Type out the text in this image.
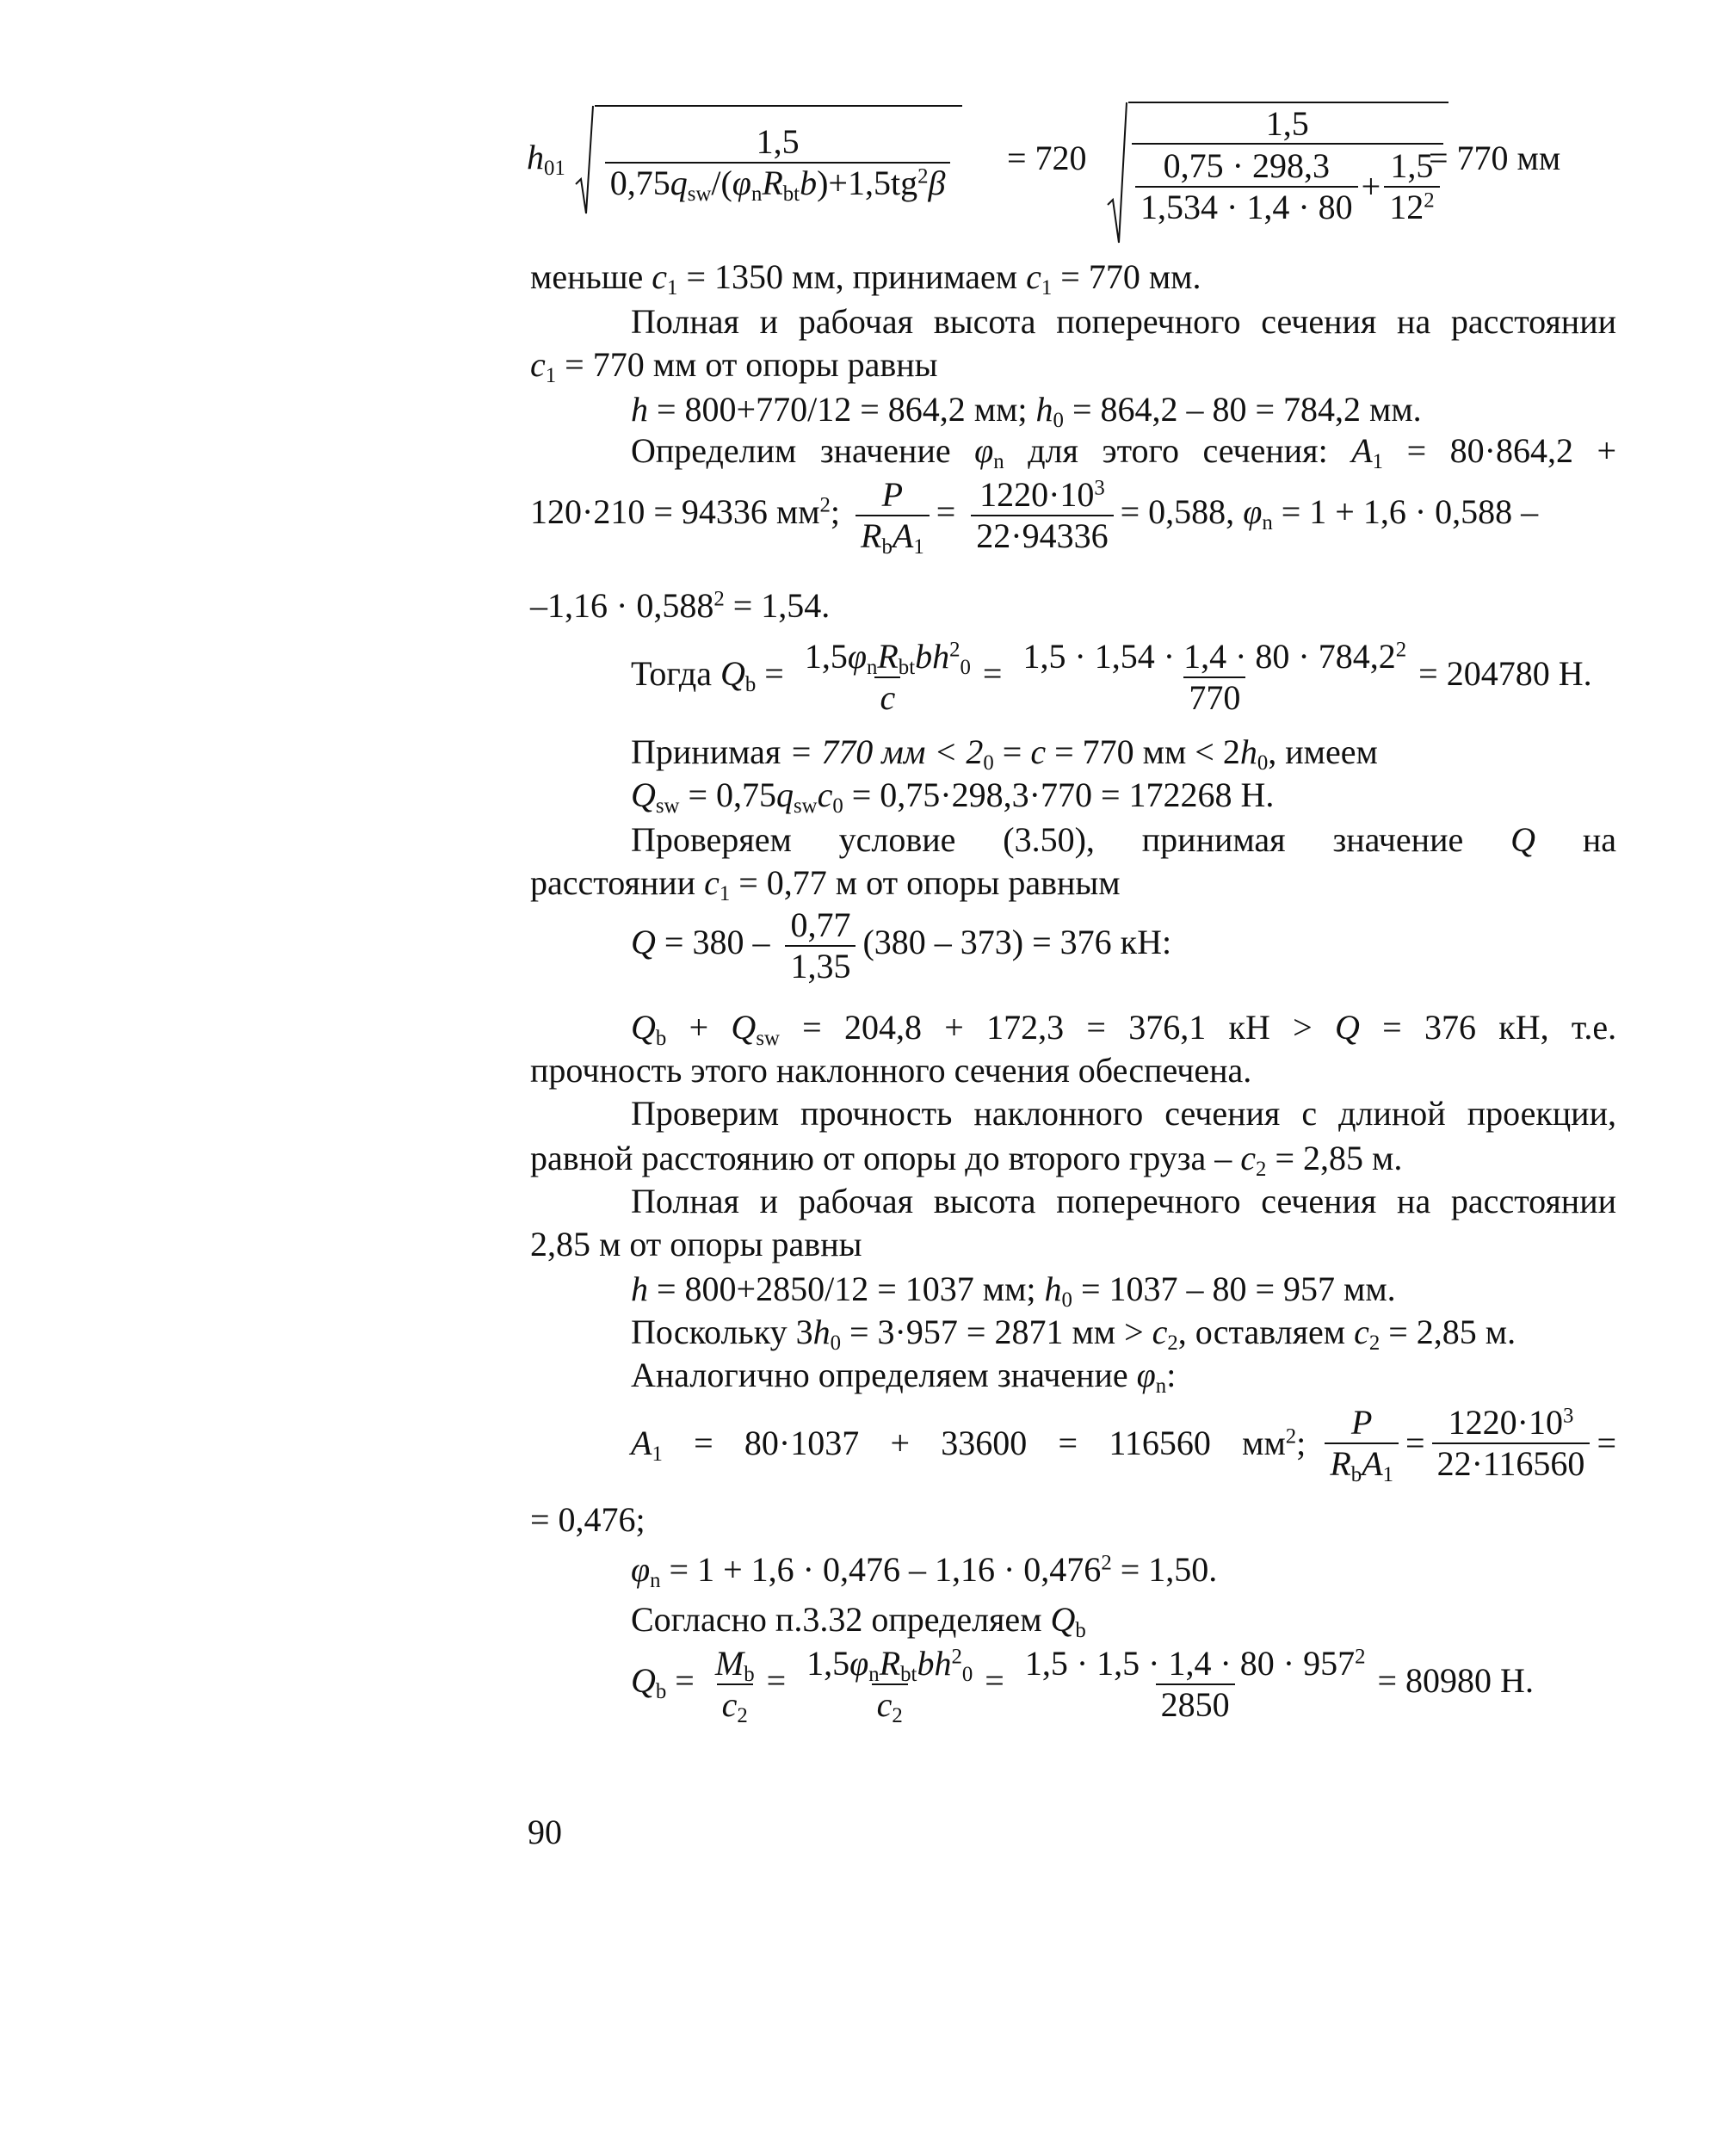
$h_{01} \frac{1,5}{0,75q_{sw}/(\varphi_nR_{bt}b)+1,5tg^2\beta} = 720$
1,5
$\frac{0,75 \cdot 298,3}{1,534 \cdot 1,4 \cdot 80} + \frac{1,5}{12^2}$
= 770 мм
меньше $c_1 = 1350$ мм, принимаем $c_1 = 770$ мм.
Полная и рабочая высота поперечного сечения на расстоянии
$c_1 = 770$ мм от опоры равны
h = 800+770/12 = 864,2 мм; $h_0 = 864,2 - 80 = 784,2$ мм.
Определим значение $\varphi_n$ для этого сечения: $A_1 = 80\cdot 864,2$ +
120·210 = 94336 $мм^2$; $\frac{P}{R_bA_1} = \frac{1220\cdot 10^3}{22\cdot 94336} = 0,588$, $\varphi_n = 1 + 1,6 \cdot 0,588$ –
$-1,16 \cdot 0,588^2 = 1,54$.
Тогда $Q_b = \frac{1,5\varphi_nR_{bt}bh^2_0}{c} = \frac{1,5 \cdot 1,54 \cdot 1,4 \cdot 80 \cdot 784,2^2}{770} = 204780$ Н.
Принимая = 770 мм < $2_0 = c = 770$ мм < $2h_0$, имеем
$Q_{sw} = 0,75q_{sw}c_0 = 0,75\cdot 298,3\cdot 770 = 172268$ Н.
Проверяем условие (3.50), принимая значение Q на
расстоянии $c_1 = 0,77$ м от опоры равным
$Q = 380 - \frac{0,77}{1,35} (380 - 373) = 376$ кН:
$Q_b + Q_{sw} = 204,8 + 172,3 = 376,1$ кН > Q = 376 кН, т.е.
прочность этого наклонного сечения обеспечена.
Проверим прочность наклонного сечения с длиной проекции,
равной расстоянию от опоры до второго груза – $c_2 = 2,85$ м.
Полная и рабочая высота поперечного сечения на расстоянии
2,85 м от опоры равны
h = 800+2850/12 = 1037 мм; $h_0 = 1037 - 80 = 957$ мм.
Поскольку $3h_0 = 3\cdot 957 = 2871$ мм > $c_2$, оставляем $c_2 = 2,85$ м.
Аналогично определяем значение $\varphi_n$:
$A_1 = 80\cdot 1037 + 33600 = 116560$ $мм^2$; $\frac{P}{R_bA_1} = \frac{1220\cdot 10^3}{22\cdot 116560}$ =
= 0,476;
$\varphi_n = 1 + 1,6 \cdot 0,476 - 1,16 \cdot 0,476^2 = 1,50$.
Согласно п.3.32 определяем $Q_b$
$Q_b = \frac{M_b}{c_2} = \frac{1,5\varphi_nR_{bt}bh^2_0}{c_2} = \frac{1,5 \cdot 1,5 \cdot 1,4 \cdot 80 \cdot 957^2}{2850} = 80980$ Н.
90
